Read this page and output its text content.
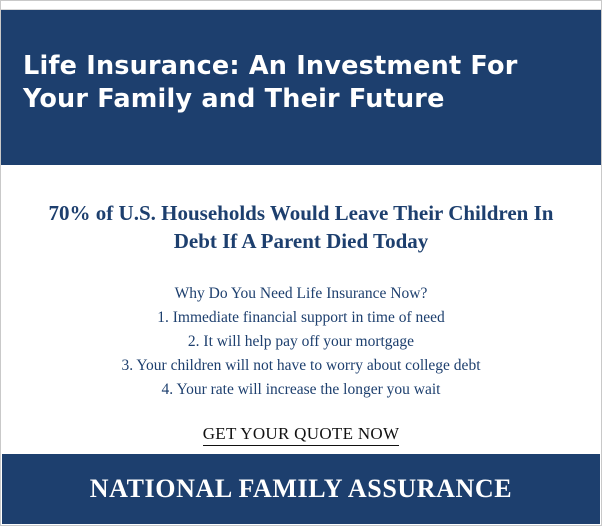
Life Insurance: An Investment For Your Family and Their Future
70% of U.S. Households Would Leave Their Children In Debt If A Parent Died Today

Why Do You Need Life Insurance Now?

1. Immediate financial support in time of need

2. It will help pay off your mortgage

3. Your children will not have to worry about college debt

4. Your rate will increase the longer you wait

GET YOUR QUOTE NOW
NATIONAL FAMILY ASSURANCE
